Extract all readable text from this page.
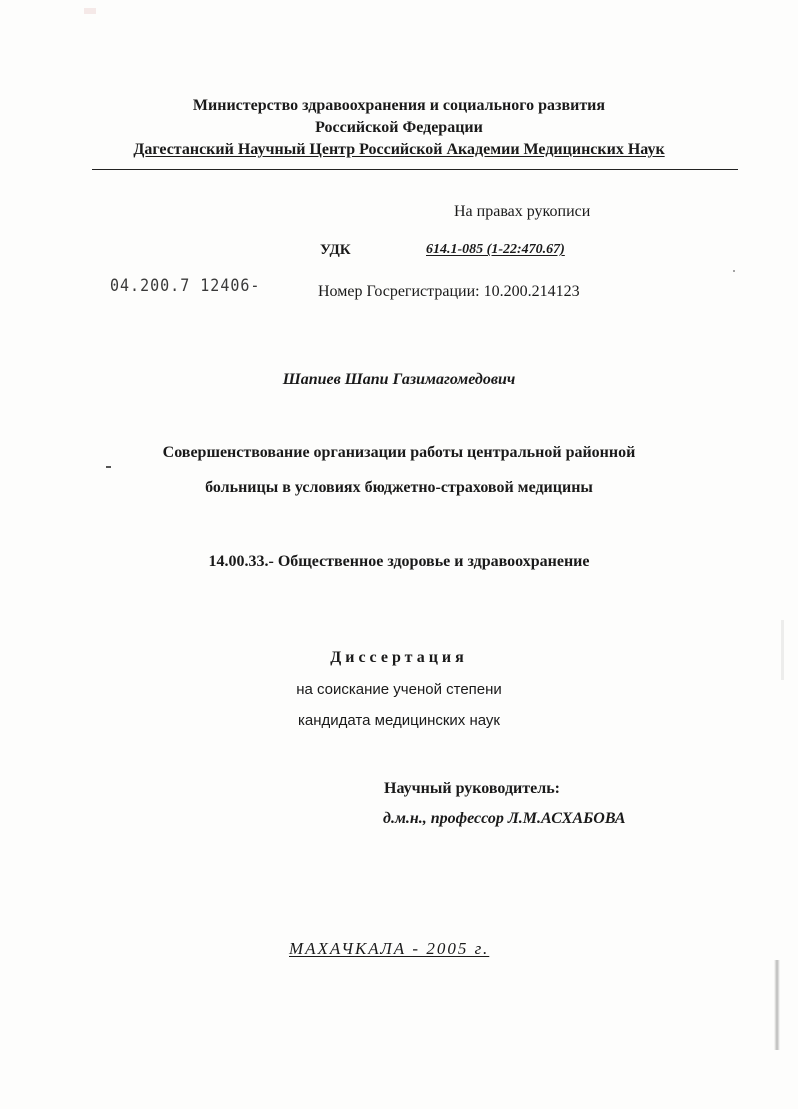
Министерство здравоохранения и социального развития
Российской Федерации
Дагестанский Научный Центр Российской Академии Медицинских Наук
На правах рукописи
УДК	614.1-085 (1-22:470.67)
04.200.7 12406-	Номер Госрегистрации: 10.200.214123
Шапиев Шапи Газимагомедович
Совершенствование организации работы центральной районной
больницы в условиях бюджетно-страховой медицины
14.00.33.- Общественное здоровье и здравоохранение
Диссертация
на соискание ученой степени
кандидата медицинских наук
Научный руководитель:
д.м.н., профессор Л.М.АСХАБОВА
МАХАЧКАЛА - 2005 г.
